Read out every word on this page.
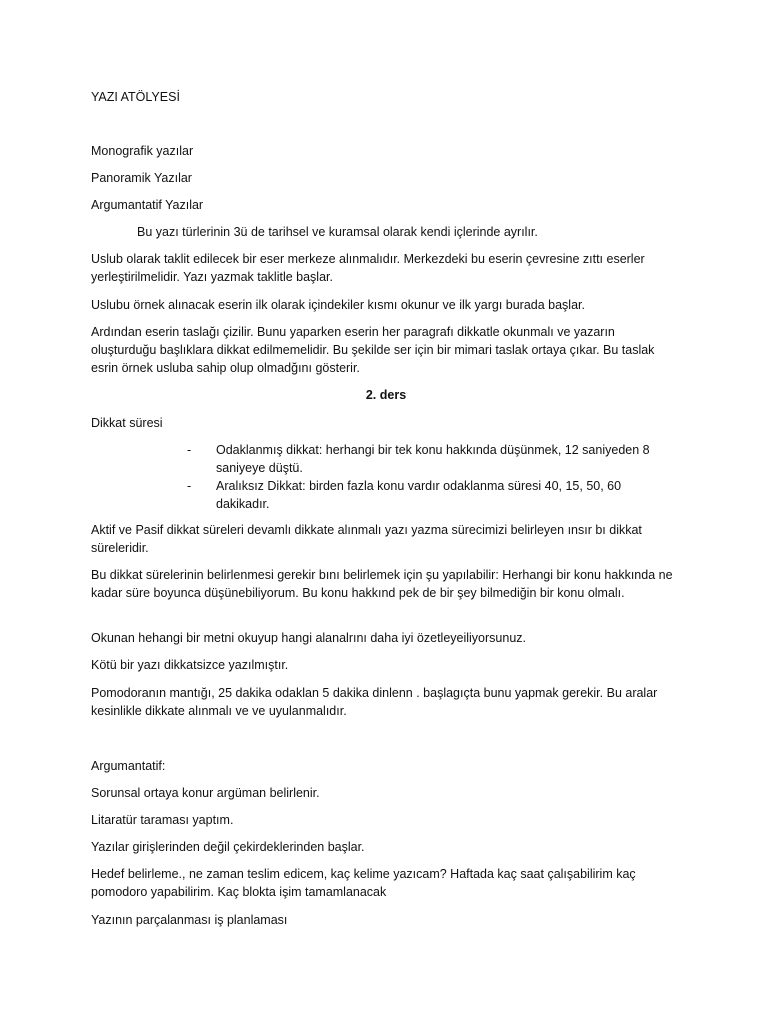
YAZI ATÖLYESİ

Monografik yazılar

Panoramik Yazılar

Argumantatif Yazılar

Bu yazı türlerinin 3ü de tarihsel ve kuramsal olarak kendi içlerinde ayrılır.

Uslub olarak taklit edilecek bir eser merkeze alınmalıdır. Merkezdeki bu eserin çevresine zıttı eserler yerleştirilmelidir. Yazı yazmak taklitle başlar.

Uslubu örnek alınacak eserin ilk olarak içindekiler kısmı okunur ve ilk yargı burada başlar.

Ardından eserin taslağı çizilir. Bunu yaparken eserin her paragrafı dikkatle okunmalı ve yazarın oluşturduğu başlıklara dikkat edilmemelidir. Bu şekilde ser için bir mimari taslak ortaya çıkar. Bu taslak esrin örnek usluba sahip olup olmadğını gösterir.

2. ders

Dikkat süresi

- Odaklanmış dikkat: herhangi bir tek konu hakkında düşünmek, 12 saniyeden 8 saniyeye düştü.
- Aralıksız Dikkat: birden fazla konu vardır odaklanma süresi 40, 15, 50, 60 dakikadır.

Aktif ve Pasif dikkat süreleri devamlı dikkate alınmalı yazı yazma sürecimizi belirleyen ınsır bı dikkat süreleridir.

Bu dikkat sürelerinin belirlenmesi gerekir bını belirlemek için şu yapılabilir: Herhangi bir konu hakkında ne kadar süre boyunca düşünebiliyorum. Bu konu hakkınd pek de bir şey bilmediğin bir konu olmalı.

Okunan hehangi bir metni okuyup hangi alanalrını daha iyi özetleyeiliyorsunuz.

Kötü bir yazı dikkatsizce yazılmıştır.

Pomodoranın mantığı, 25 dakika odaklan 5 dakika dinlenn . başlagıçta bunu yapmak gerekir. Bu aralar kesinlikle dikkate alınmalı ve ve uyulanmalıdır.

Argumantatif:

Sorunsal ortaya konur argüman belirlenir.

Litaratür taraması yaptım.

Yazılar girişlerinden değil çekirdeklerinden başlar.

Hedef belirleme., ne zaman teslim edicem, kaç kelime yazıcam? Haftada kaç saat çalışabilirim kaç pomodoro yapabilirim. Kaç blokta işim tamamlanacak

Yazının parçalanması iş planlaması
